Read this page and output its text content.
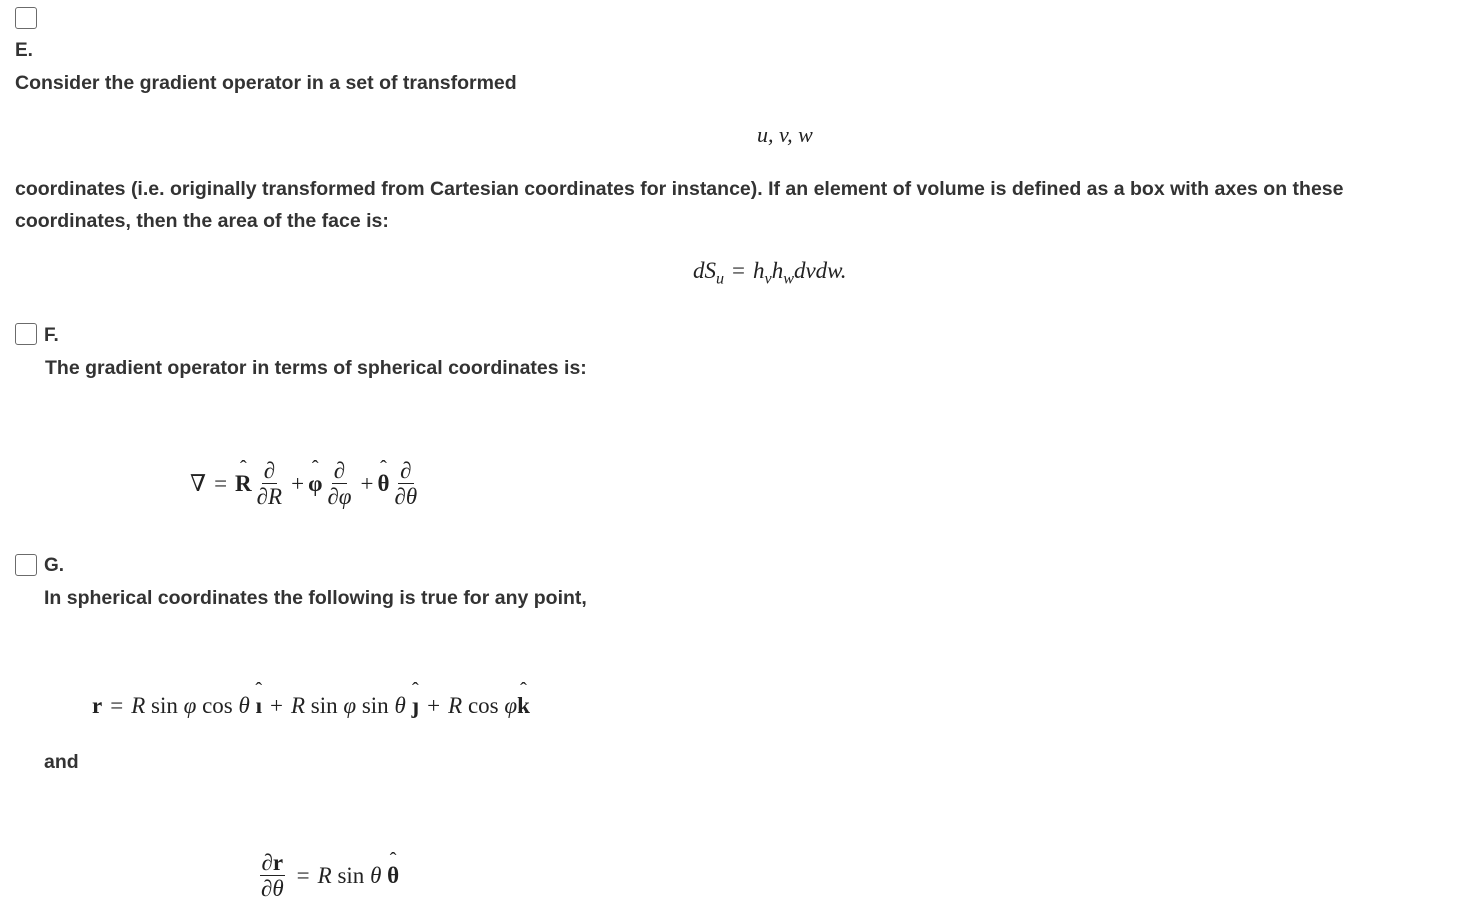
E.
Consider the gradient operator in a set of transformed
u, v, w
coordinates (i.e. originally transformed from Cartesian coordinates for instance). If an element of volume is defined as a box with axes on these
coordinates, then the area of the face is:
$dS_u$ = $h_vh_wdvdw$.
F.
The gradient operator in terms of spherical coordinates is:
∇ = ˆ R $\frac{\partial}{\partial R}$ + ˆ φ $\frac{\partial}{\partial\varphi}$ + ˆ θ $\frac{\partial}{\partial\theta}$
G.
In spherical coordinates the following is true for any point,
r = R sin φ cos θ ˆ ı + R sin φ sin θ ˆ ȷ + R cos φˆ k
and
$\frac{\partial r}{\partial\theta} = R$ sin θ
ˆ θ
